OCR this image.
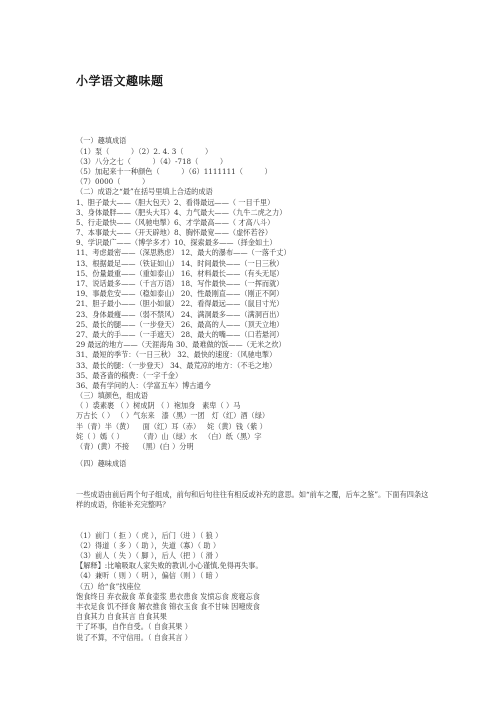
小学语文趣味题

（一）趣填成语
（1）泵（　　　）（2）2. 4. 3（　　　）
（3）八分之七（　　　）（4）-718（　　　）
（5）加起来十一种颜色（　　　）（6）1111111（　　　）
（7）0000（　　　）
（二）成语之“最”在括号里填上合适的成语
1、胆子最大——（胆大包天）2、看得最远——（ 一目千里）
3、身体最胖——（肥头大耳）4、力气最大——（九牛二虎之力）
5、行走最快——（风驰电掣）6、才学最高——（ 才高八斗）
7、本事最大——（开天辟地）8、胸怀最宽——（虚怀若谷）
9、学识最广——（博学多才）10、探索最多——（择金如土）
11、考虑最密——（深思熟虑） 12、最大的瀑布——（一落千丈）
13、根据最足——（铁证如山） 14、时间最快——（一日三秋）
15、份量最重——（重如泰山） 16、材料最长——（有头无尾）
17、说话最多——（千言万语） 18、写作最快——（一挥而就）
19、事最危安——（稳如泰山） 20、性最刚直——（刚正不阿）
21、胆子最小——（胆小如鼠） 22、看得最远——（鼠目寸光）
23、身体最瘦——（弱不禁风） 24、满洞最多——（满洞百出）
25、最长的腿——（一步登天） 26、最高的人——（顶天立地）
27、最大的手——（一手遮天） 28、最大的嘴——（口若悬河）
29 最远的地方——（天涯海角 30、最难做的饭——（无米之炊）
31、最短的季节：（一日三秋） 32、最快的速度：（风驰电掣）
33、最长的腿：（一步登天） 34、最荒凉的地方：（不毛之地）
35、最吝啬的稿费：（一字千金）
36、最有学问的人：（学富五车）博古通今
（三）填颜色，组成语
（ ）裘素裹 （ ）树成阴 （ ）袍加身   素卑（ ）马
万古长（ ） （ ）气东来   漆（黑）一团   灯（红）酒（绿）
半（青）半（黄）    面（红）耳（赤）   姹（黄）钱（紫 ）
姹（ ）嫣（ ）       （青）山（绿）水   （白）纸（黑）字
（青）(黄）不接    （黑）(白 ）分明
（四）趣味成语

一些成语由前后两个句子组成，前句和后句往往有相反或补充的意思。如“前车之覆，后车之鉴”。下面有四条这样的成语，你能补充完整吗？

（1）前门（ 拒 ）（ 虎 ），后门（进 ）（ 狼 ）
（2）得道（ 多 ）（ 助 ），失道（寡）（ 助 ）
（3）前人（ 失 ）（ 脚 ），后人（把 ）（ 滑 ）
【解释】:比喻吸取人家失败的教训,小心谨慎,免得再失事。
（4）兼听（ 则 ）（ 明 ），偏信（则 ）（ 暗 ）
（五）给“食”找座位
饱食终日 弃衣裁食 革食壶浆 患衣患食 发愤忘食 废寝忘食
丰衣足食 饥不择食 解衣推食 锦衣玉食 食不甘味 因噎废食
自食其力 自食其言 自食其果
干了坏事，自作自受。（ 自食其果 ）
说了不算，不守信用。（ 自食其言 ）
